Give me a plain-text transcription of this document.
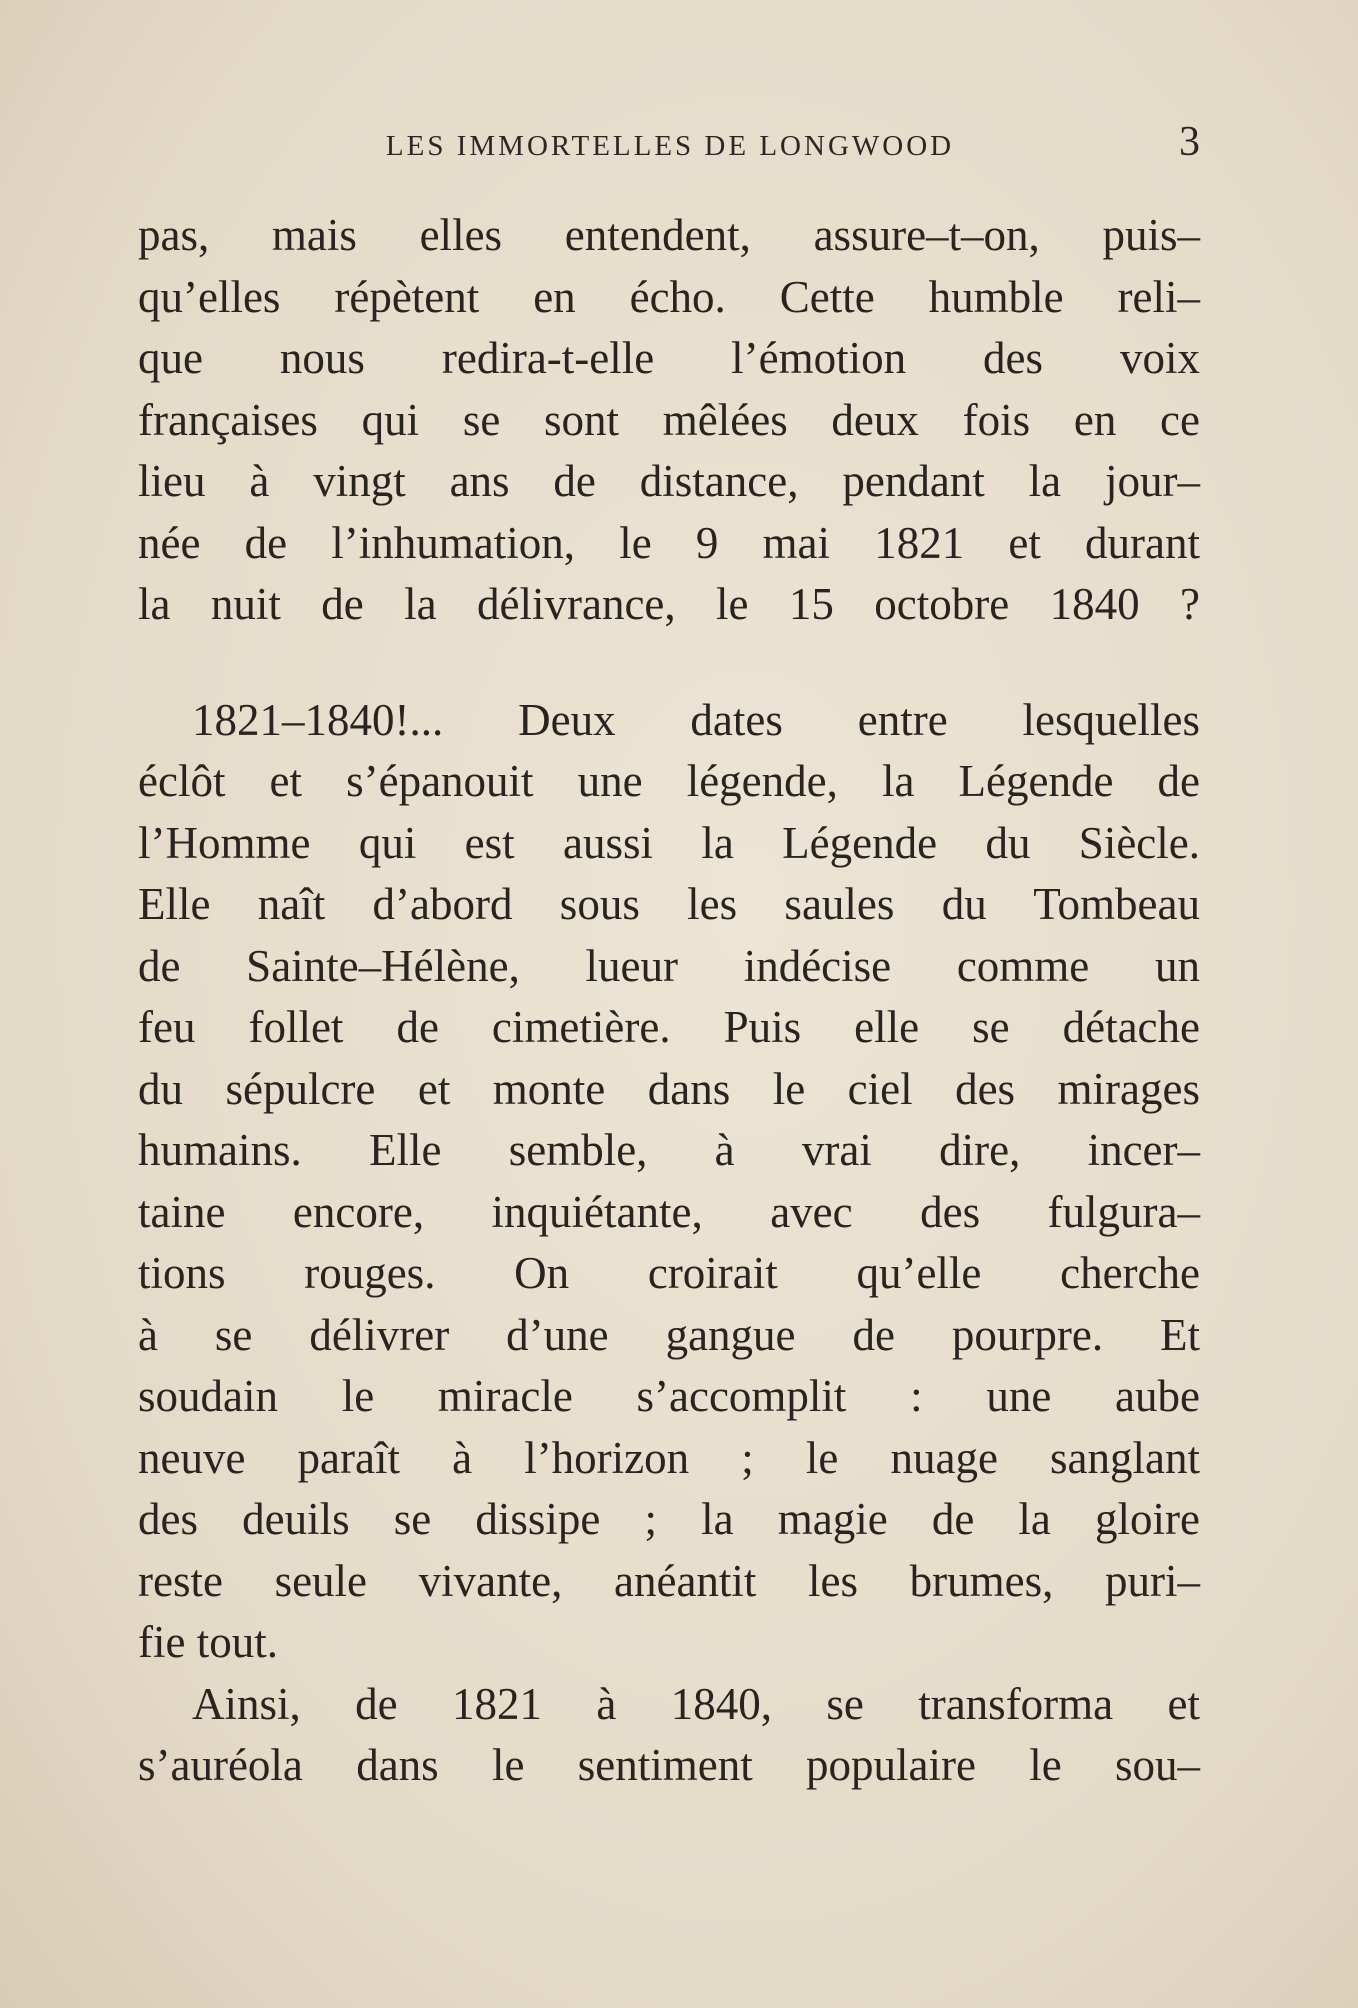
LES IMMORTELLES DE LONGWOOD	3
pas, mais elles entendent, assure–t–on, puis–
qu’elles répètent en écho. Cette humble reli–
que nous redira-t-elle l’émotion des voix
françaises qui se sont mêlées deux fois en ce
lieu à vingt ans de distance, pendant la jour–
née de l’inhumation, le 9 mai 1821 et durant
la nuit de la délivrance, le 15 octobre 1840 ?
1821–1840!... Deux dates entre lesquelles
éclôt et s’épanouit une légende, la Légende de
l’Homme qui est aussi la Légende du Siècle.
Elle naît d’abord sous les saules du Tombeau
de Sainte–Hélène, lueur indécise comme un
feu follet de cimetière. Puis elle se détache
du sépulcre et monte dans le ciel des mirages
humains. Elle semble, à vrai dire, incer–
taine encore, inquiétante, avec des fulgura–
tions rouges. On croirait qu’elle cherche
à se délivrer d’une gangue de pourpre. Et
soudain le miracle s’accomplit : une aube
neuve paraît à l’horizon ; le nuage sanglant
des deuils se dissipe ; la magie de la gloire
reste seule vivante, anéantit les brumes, puri–
fie tout.
Ainsi, de 1821 à 1840, se transforma et
s’auréola dans le sentiment populaire le sou–
